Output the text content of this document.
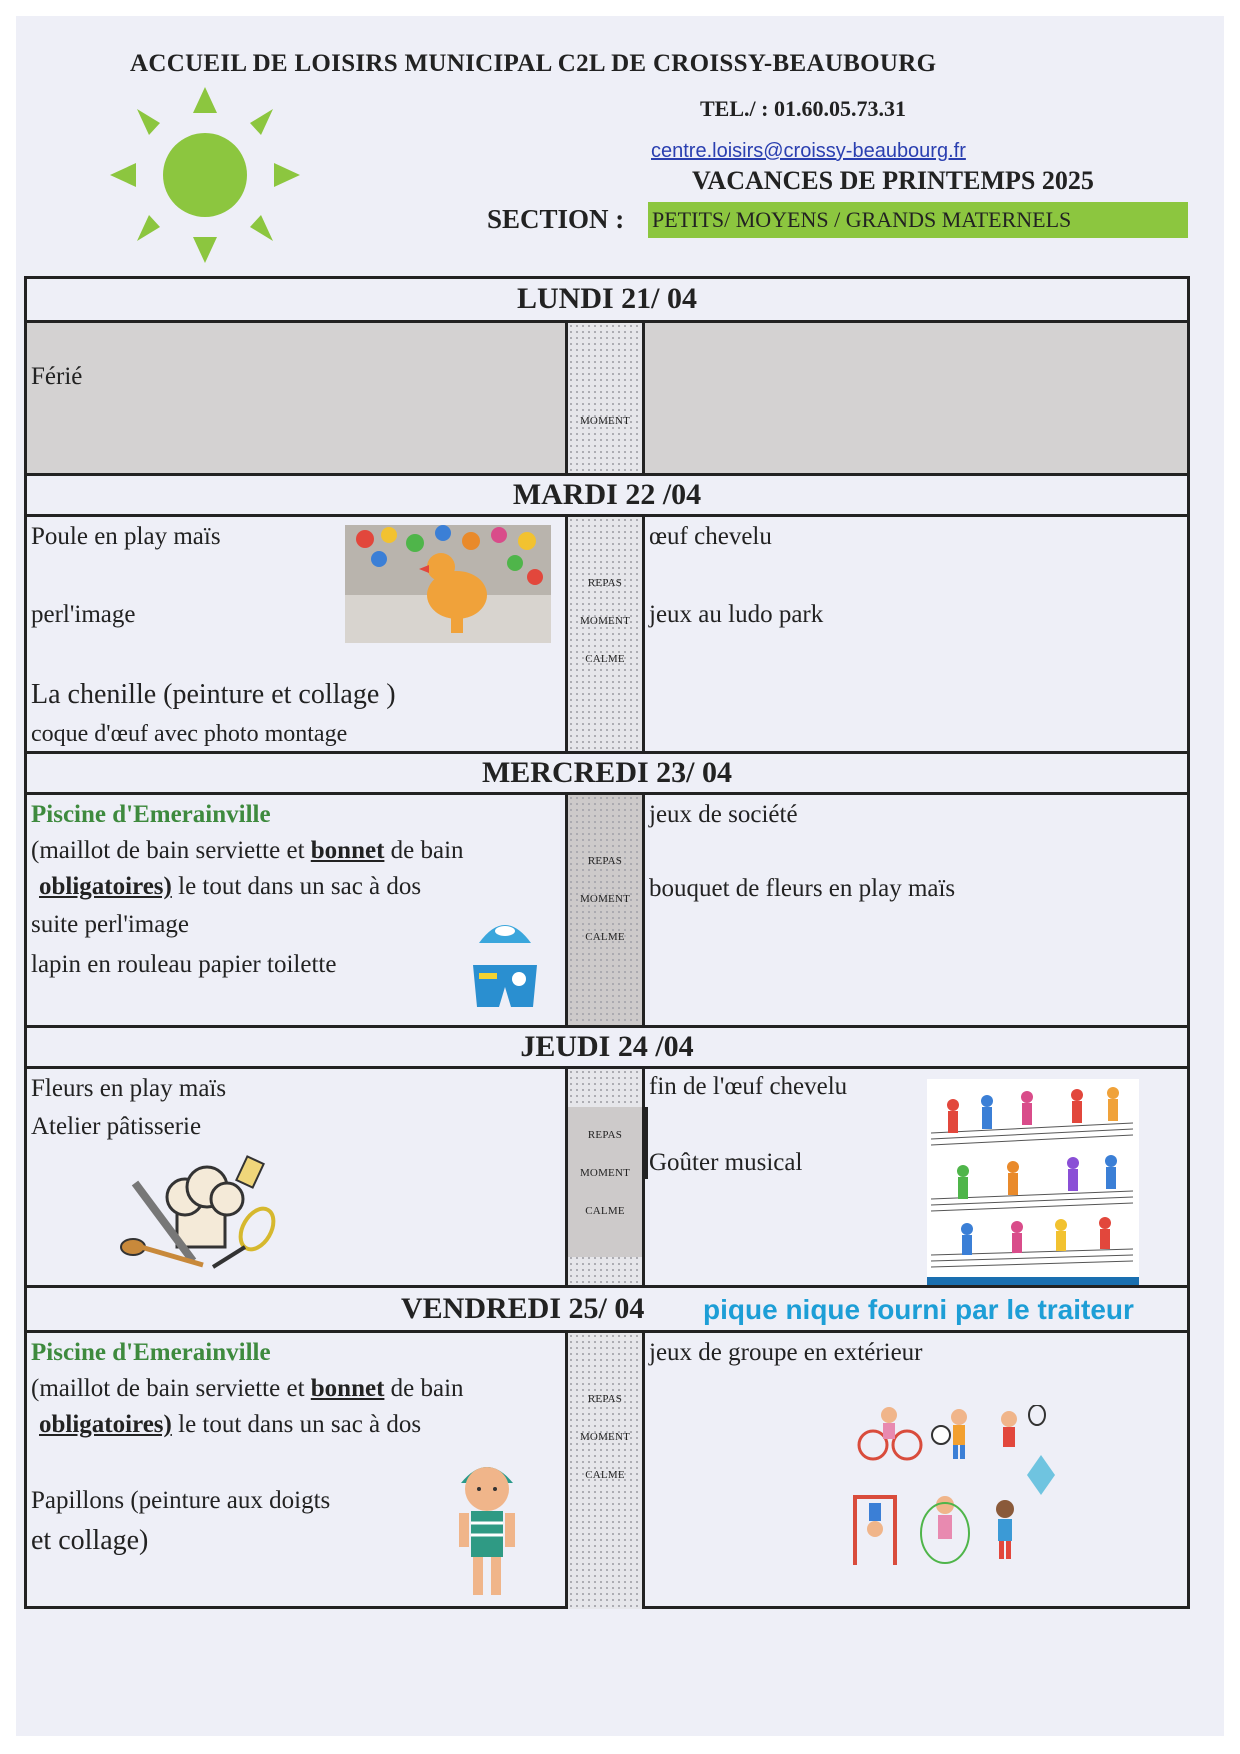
ACCUEIL DE LOISIRS MUNICIPAL C2L DE CROISSY-BEAUBOURG
TEL./ : 01.60.05.73.31
centre.loisirs@croissy-beaubourg.fr
VACANCES DE PRINTEMPS 2025
SECTION : PETITS/ MOYENS / GRANDS MATERNELS
LUNDI 21/ 04
Férié
MOMENT
MARDI 22 /04
Poule en play maïs
perl'image
La chenille (peinture et collage )
coque d'œuf avec photo montage
REPAS
MOMENT
CALME
œuf chevelu
jeux au ludo park
MERCREDI 23/ 04
Piscine d'Emerainville
(maillot de bain serviette et bonnet de bain
obligatoires) le tout dans un sac à dos
suite perl'image
lapin en rouleau papier toilette
REPAS
MOMENT
CALME
jeux de société
bouquet de fleurs en play maïs
JEUDI 24 /04
Fleurs en play maïs
Atelier pâtisserie	REPAS
MOMENT
CALME
fin de l'œuf chevelu
Goûter musical
VENDREDI 25/ 04 pique nique fourni par le traiteur
Piscine d'Emerainville
(maillot de bain serviette et bonnet de bain
obligatoires) le tout dans un sac à dos
Papillons (peinture aux doigts
et collage)
REPAS
MOMENT
CALME
jeux de groupe en extérieur
